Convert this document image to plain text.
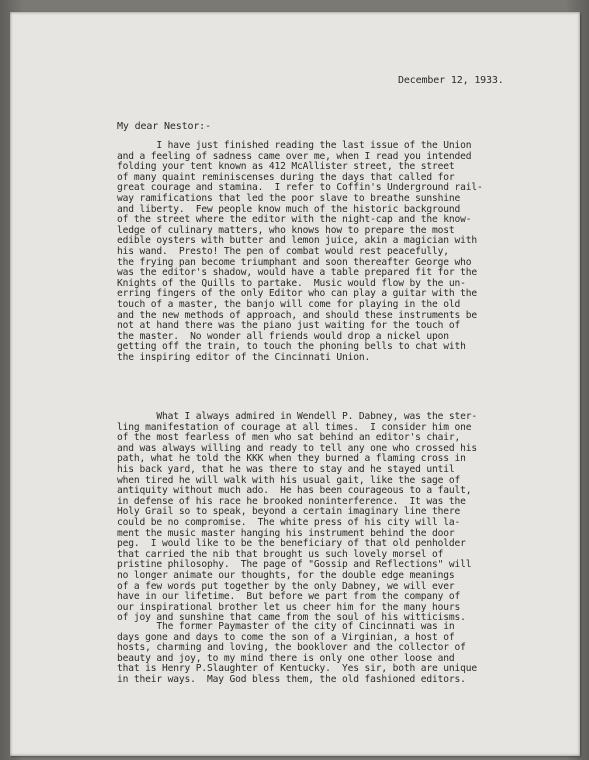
December 12, 1933.
My dear Nestor:-
I have just finished reading the last issue of the Union
and a feeling of sadness came over me, when I read you intended
folding your tent known as 412 McAllister street, the street
of many quaint reminiscenses during the days that called for
great courage and stamina.  I refer to Coffin's Underground rail-
way ramifications that led the poor slave to breathe sunshine
and liberty.  Few people know much of the historic background
of the street where the editor with the night-cap and the know-
ledge of culinary matters, who knows how to prepare the most
edible oysters with butter and lemon juice, akin a magician with
his wand.  Presto! The pen of combat would rest peacefully,
the frying pan become triumphant and soon thereafter George who
was the editor's shadow, would have a table prepared fit for the
Knights of the Quills to partake.  Music would flow by the un-
erring fingers of the only Editor who can play a guitar with the
touch of a master, the banjo will come for playing in the old
and the new methods of approach, and should these instruments be
not at hand there was the piano just waiting for the touch of
the master.  No wonder all friends would drop a nickel upon
getting off the train, to touch the phoning bells to chat with
the inspiring editor of the Cincinnati Union.
What I always admired in Wendell P. Dabney, was the ster-
ling manifestation of courage at all times.  I consider him one
of the most fearless of men who sat behind an editor's chair,
and was always willing and ready to tell any one who crossed his
path, what he told the KKK when they burned a flaming cross in
his back yard, that he was there to stay and he stayed until
when tired he will walk with his usual gait, like the sage of
antiquity without much ado.  He has been courageous to a fault,
in defense of his race he brooked noninterference.  It was the
Holy Grail so to speak, beyond a certain imaginary line there
could be no compromise.  The white press of his city will la-
ment the music master hanging his instrument behind the door
peg.  I would like to be the beneficiary of that old penholder
that carried the nib that brought us such lovely morsel of
pristine philosophy.  The page of "Gossip and Reflections" will
no longer animate our thoughts, for the double edge meanings
of a few words put together by the only Dabney, we will ever
have in our lifetime.  But before we part from the company of
our inspirational brother let us cheer him for the many hours
of joy and sunshine that came from the soul of his witticisms.
The former Paymaster of the city of Cincinnati was in
days gone and days to come the son of a Virginian, a host of
hosts, charming and loving, the booklover and the collector of
beauty and joy, to my mind there is only one other loose and
that is Henry P.Slaughter of Kentucky.  Yes sir, both are unique
in their ways.  May God bless them, the old fashioned editors.
